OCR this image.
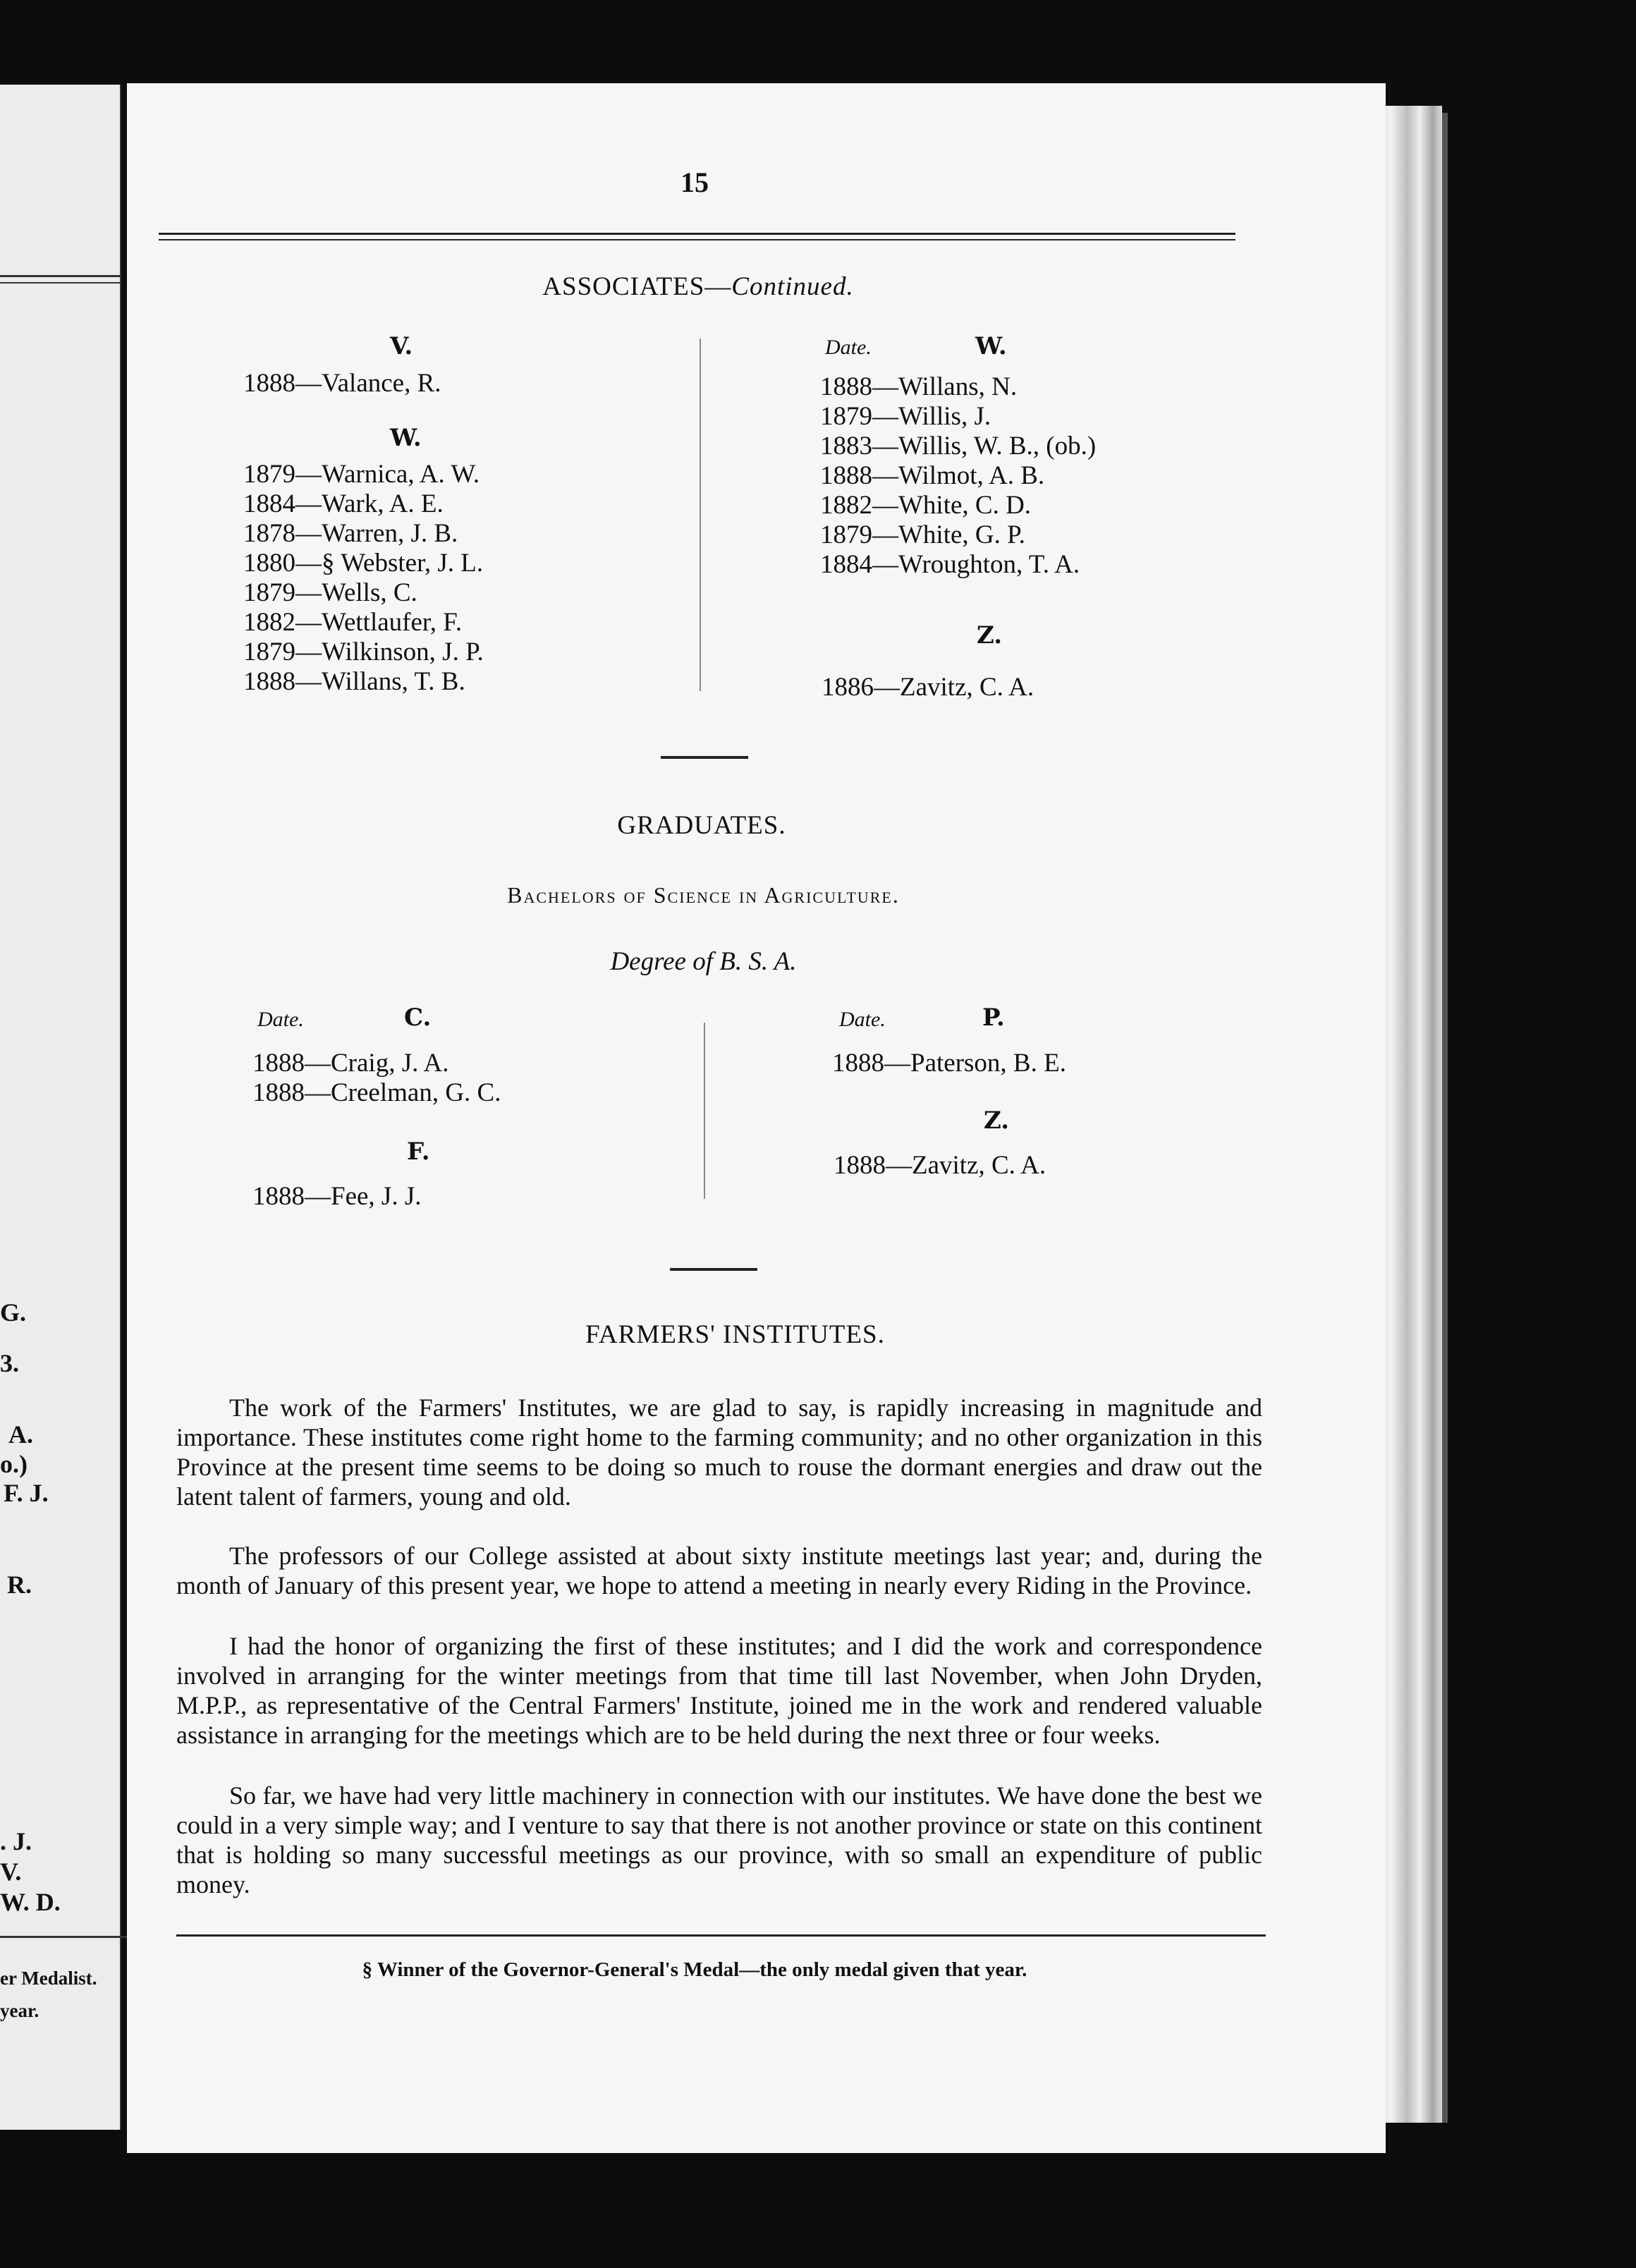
G.
3.
A.
o.)
F. J.
R.
. J.
V.
W. D.
er Medalist.
year.
15
ASSOCIATES—Continued.
V.
1888—Valance, R.
W.
1879—Warnica, A. W.
1884—Wark, A. E.
1878—Warren, J. B.
1880—§ Webster, J. L.
1879—Wells, C.
1882—Wettlaufer, F.
1879—Wilkinson, J. P.
1888—Willans, T. B.
Date.	W.
1888—Willans, N.
1879—Willis, J.
1883—Willis, W. B., (ob.)
1888—Wilmot, A. B.
1882—White, C. D.
1879—White, G. P.
1884—Wroughton, T. A.
Z.
1886—Zavitz, C. A.
GRADUATES.
Bachelors of Science in Agriculture.
Degree of B. S. A.
Date.	C.
1888—Craig, J. A.
1888—Creelman, G. C.
F.
1888—Fee, J. J.
Date.	P.
1888—Paterson, B. E.
Z.
1888—Zavitz, C. A.
FARMERS' INSTITUTES.

The work of the Farmers' Institutes, we are glad to say, is rapidly increasing in magnitude and importance. These institutes come right home to the farming community; and no other organization in this Province at the present time seems to be doing so much to rouse the dormant energies and draw out the latent talent of farmers, young and old.

The professors of our College assisted at about sixty institute meetings last year; and, during the month of January of this present year, we hope to attend a meeting in nearly every Riding in the Province.

I had the honor of organizing the first of these institutes; and I did the work and correspondence involved in arranging for the winter meetings from that time till last November, when John Dryden, M.P.P., as representative of the Central Farmers' Institute, joined me in the work and rendered valuable assistance in arranging for the meetings which are to be held during the next three or four weeks.

So far, we have had very little machinery in connection with our institutes. We have done the best we could in a very simple way; and I venture to say that there is not another province or state on this continent that is holding so many successful meetings as our province, with so small an expenditure of public money.

§ Winner of the Governor-General's Medal—the only medal given that year.
